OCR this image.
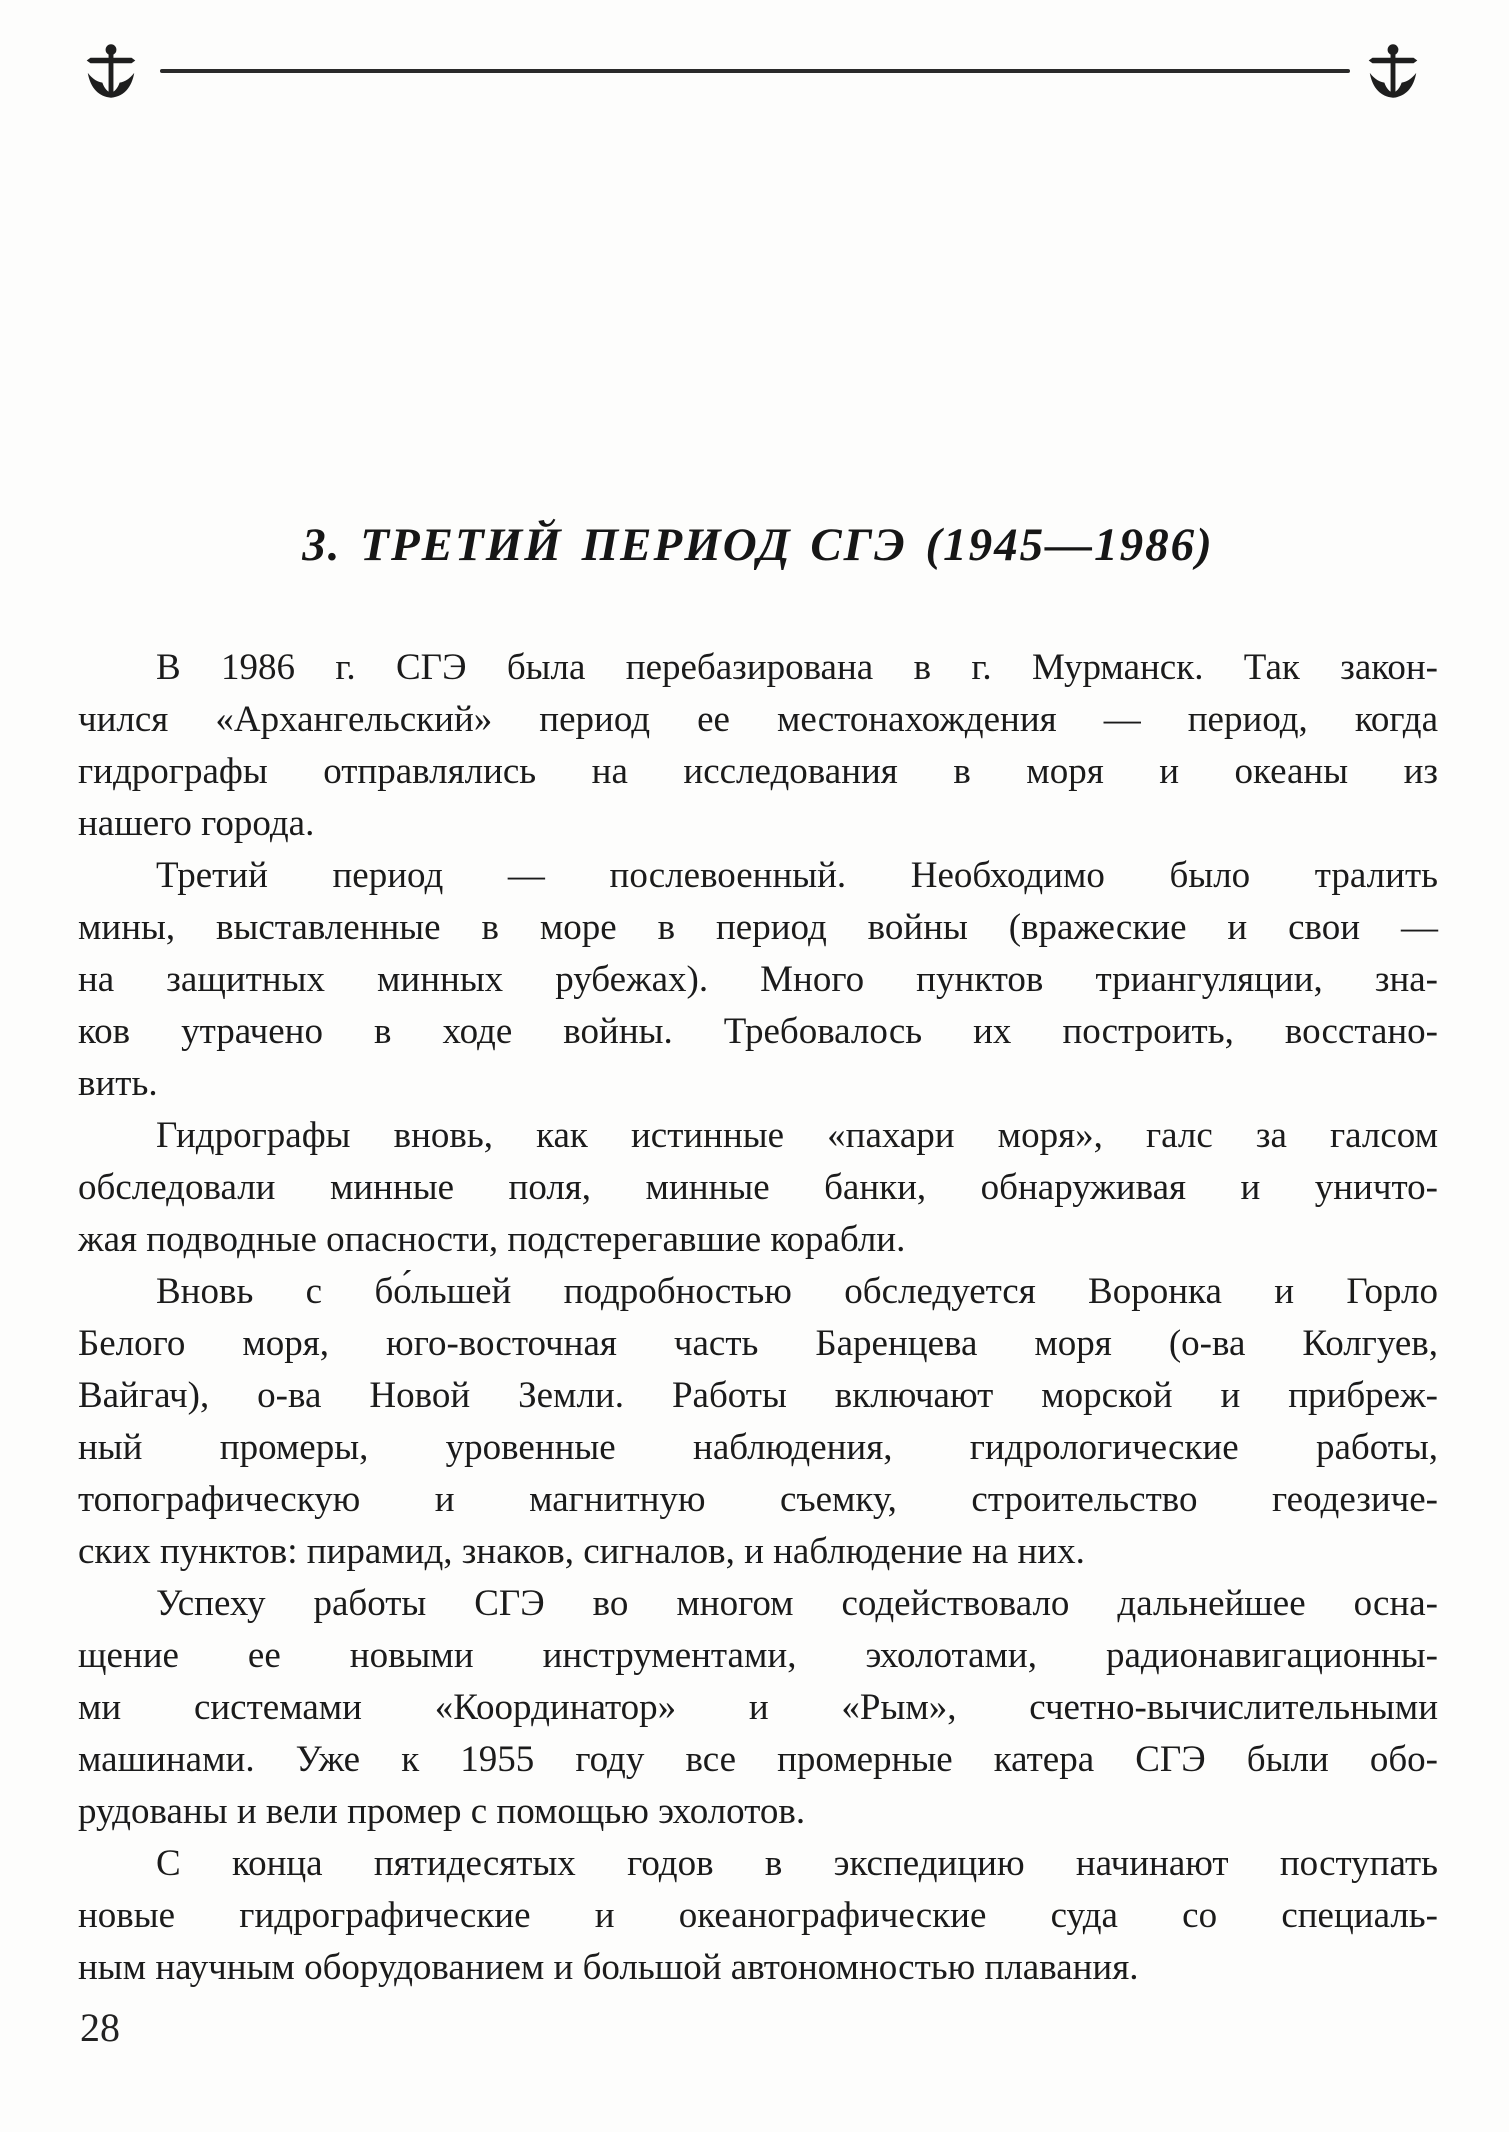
3. ТРЕТИЙ ПЕРИОД СГЭ (1945—1986)
В 1986 г. СГЭ была перебазирована в г. Мурманск. Так закон-
чился «Архангельский» период ее местонахождения — период, когда
гидрографы отправлялись на исследования в моря и океаны из
нашего города.
Третий период — послевоенный. Необходимо было тралить
мины, выставленные в море в период войны (вражеские и свои —
на защитных минных рубежах). Много пунктов триангуляции, зна-
ков утрачено в ходе войны. Требовалось их построить, восстано-
вить.
Гидрографы вновь, как истинные «пахари моря», галс за галсом
обследовали минные поля, минные банки, обнаруживая и уничто-
жая подводные опасности, подстерегавшие корабли.
Вновь с бо́льшей подробностью обследуется Воронка и Горло
Белого моря, юго-восточная часть Баренцева моря (о-ва Колгуев,
Вайгач), о-ва Новой Земли. Работы включают морской и прибреж-
ный промеры, уровенные наблюдения, гидрологические работы,
топографическую и магнитную съемку, строительство геодезиче-
ских пунктов: пирамид, знаков, сигналов, и наблюдение на них.
Успеху работы СГЭ во многом содействовало дальнейшее осна-
щение ее новыми инструментами, эхолотами, радионавигационны-
ми системами «Координатор» и «Рым», счетно-вычислительными
машинами. Уже к 1955 году все промерные катера СГЭ были обо-
рудованы и вели промер с помощью эхолотов.
С конца пятидесятых годов в экспедицию начинают поступать
новые гидрографические и океанографические суда со специаль-
ным научным оборудованием и большой автономностью плавания.
28
